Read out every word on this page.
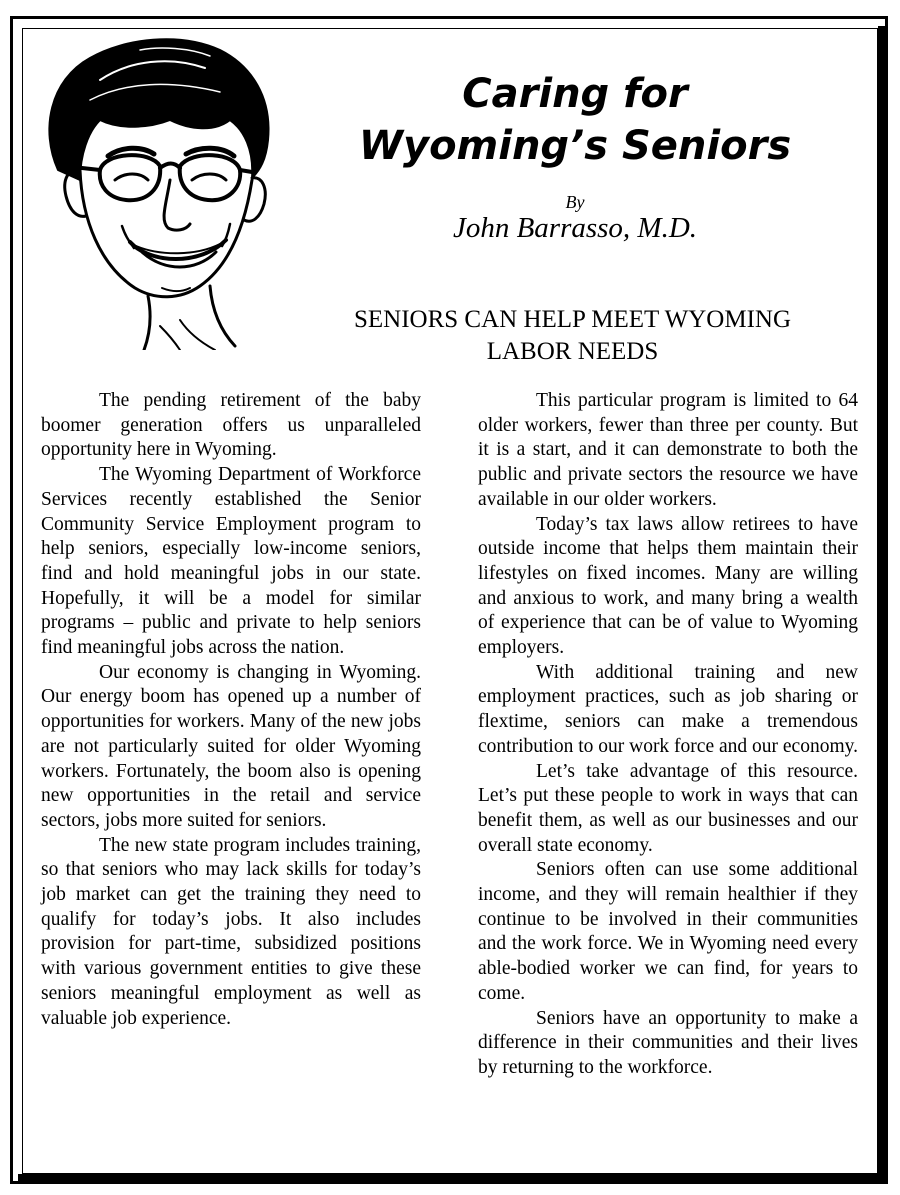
Caring for
Wyoming’s Seniors
By
John Barrasso, M.D.
SENIORS CAN HELP MEET WYOMING
LABOR NEEDS

The pending retirement of the baby boomer generation offers us unparalleled opportunity here in Wyoming.

The Wyoming Department of Workforce Services recently established the Senior Community Service Employment program to help seniors, especially low-income seniors, find and hold meaningful jobs in our state. Hopefully, it will be a model for similar programs – public and private to help seniors find meaningful jobs across the nation.

Our economy is changing in Wyoming. Our energy boom has opened up a number of opportunities for workers. Many of the new jobs are not particularly suited for older Wyoming workers. Fortunately, the boom also is opening new opportunities in the retail and service sectors, jobs more suited for seniors.

The new state program includes training, so that seniors who may lack skills for today’s job market can get the training they need to qualify for today’s jobs. It also includes provision for part-time, subsidized positions with various government entities to give these seniors meaningful employment as well as valuable job experience.

This particular program is limited to 64 older workers, fewer than three per county. But it is a start, and it can demonstrate to both the public and private sectors the resource we have available in our older workers.

Today’s tax laws allow retirees to have outside income that helps them maintain their lifestyles on fixed incomes. Many are willing and anxious to work, and many bring a wealth of experience that can be of value to Wyoming employers.

With additional training and new employment practices, such as job sharing or flextime, seniors can make a tremendous contribution to our work force and our economy.

Let’s take advantage of this resource. Let’s put these people to work in ways that can benefit them, as well as our businesses and our overall state economy.

Seniors often can use some additional income, and they will remain healthier if they continue to be involved in their communities and the work force. We in Wyoming need every able-bodied worker we can find, for years to come.

Seniors have an opportunity to make a difference in their communities and their lives by returning to the workforce.
